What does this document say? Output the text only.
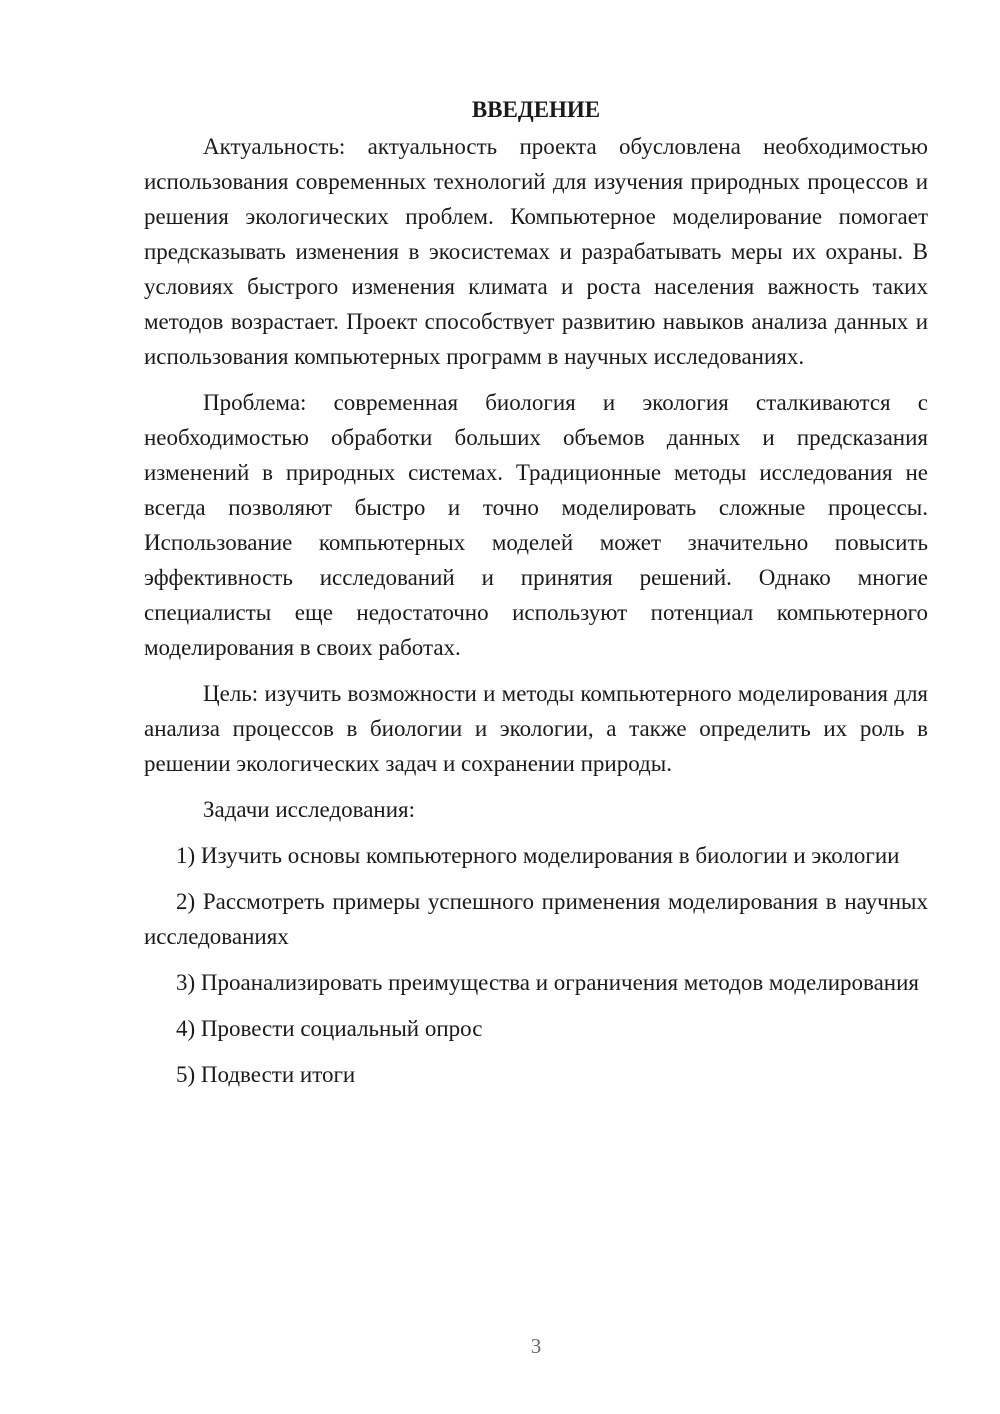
ВВЕДЕНИЕ

Актуальность: актуальность проекта обусловлена необходимостью использования современных технологий для изучения природных процессов и решения экологических проблем. Компьютерное моделирование помогает предсказывать изменения в экосистемах и разрабатывать меры их охраны. В условиях быстрого изменения климата и роста населения важность таких методов возрастает. Проект способствует развитию навыков анализа данных и использования компьютерных программ в научных исследованиях.

Проблема: современная биология и экология сталкиваются с необходимостью обработки больших объемов данных и предсказания изменений в природных системах. Традиционные методы исследования не всегда позволяют быстро и точно моделировать сложные процессы. Использование компьютерных моделей может значительно повысить эффективность исследований и принятия решений. Однако многие специалисты еще недостаточно используют потенциал компьютерного моделирования в своих работах.

Цель: изучить возможности и методы компьютерного моделирования для анализа процессов в биологии и экологии, а также определить их роль в решении экологических задач и сохранении природы.

Задачи исследования:

1) Изучить основы компьютерного моделирования в биологии и экологии

2) Рассмотреть примеры успешного применения моделирования в научных исследованиях

3) Проанализировать преимущества и ограничения методов моделирования

4) Провести социальный опрос

5) Подвести итоги

3
